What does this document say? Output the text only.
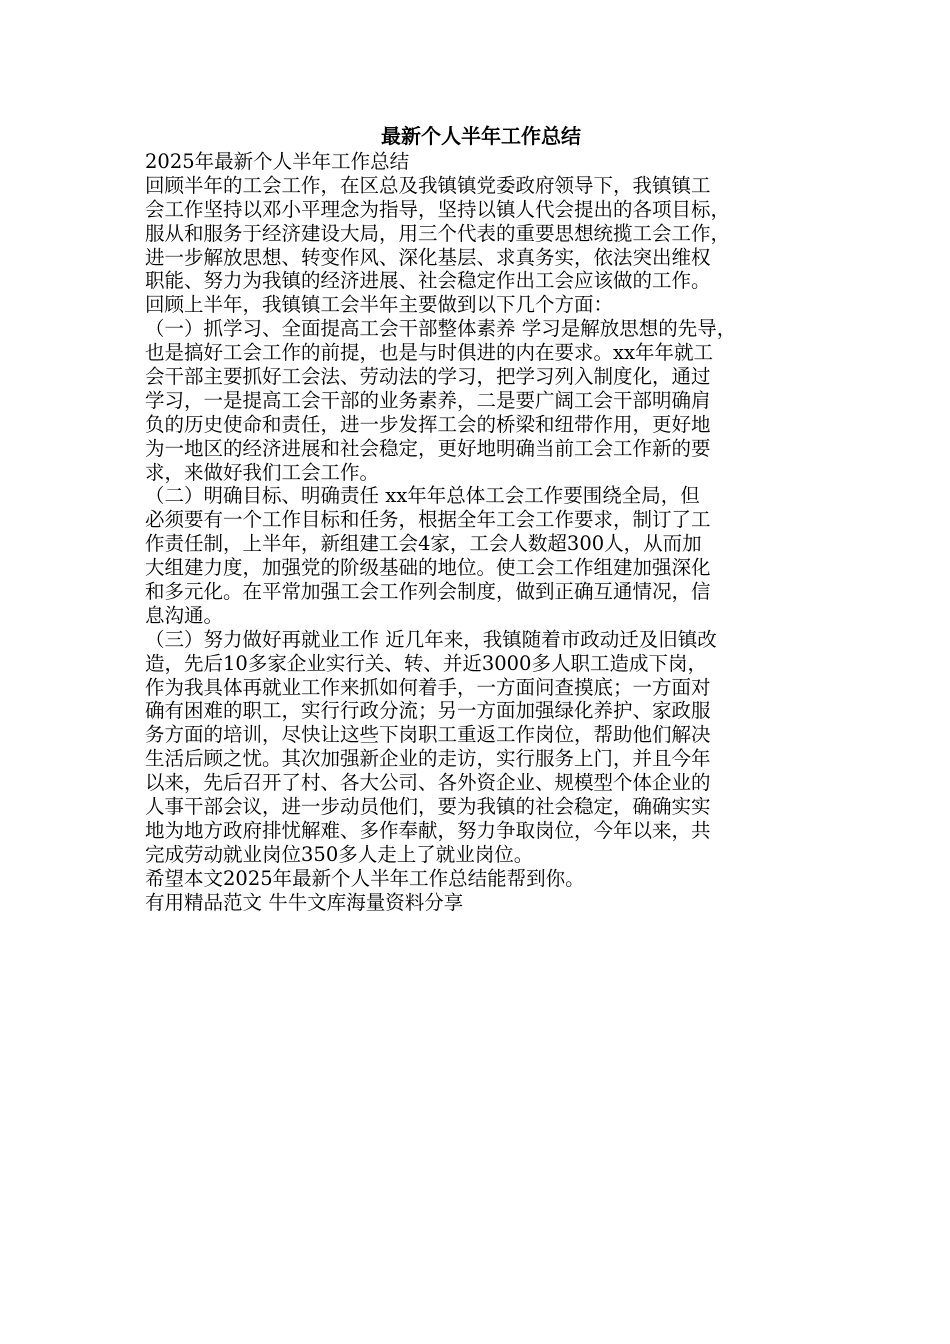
最新个人半年工作总结
2025年最新个人半年工作总结
回顾半年的工会工作，在区总及我镇镇党委政府领导下，我镇镇工
会工作坚持以邓小平理念为指导，坚持以镇人代会提出的各项目标，
服从和服务于经济建设大局，用三个代表的重要思想统揽工会工作，
进一步解放思想、转变作风、深化基层、求真务实，依法突出维权
职能、努力为我镇的经济进展、社会稳定作出工会应该做的工作。
回顾上半年，我镇镇工会半年主要做到以下几个方面：
（一）抓学习、全面提高工会干部整体素养 学习是解放思想的先导，
也是搞好工会工作的前提，也是与时俱进的内在要求。xx年年就工
会干部主要抓好工会法、劳动法的学习，把学习列入制度化，通过
学习，一是提高工会干部的业务素养，二是要广阔工会干部明确肩
负的历史使命和责任，进一步发挥工会的桥梁和纽带作用，更好地
为一地区的经济进展和社会稳定，更好地明确当前工会工作新的要
求，来做好我们工会工作。
（二）明确目标、明确责任 xx年年总体工会工作要围绕全局，但
必须要有一个工作目标和任务，根据全年工会工作要求，制订了工
作责任制，上半年，新组建工会4家，工会人数超300人，从而加
大组建力度，加强党的阶级基础的地位。使工会工作组建加强深化
和多元化。在平常加强工会工作列会制度，做到正确互通情况，信
息沟通。
（三）努力做好再就业工作 近几年来，我镇随着市政动迁及旧镇改
造，先后10多家企业实行关、转、并近3000多人职工造成下岗，
作为我具体再就业工作来抓如何着手，一方面问查摸底；一方面对
确有困难的职工，实行行政分流；另一方面加强绿化养护、家政服
务方面的培训，尽快让这些下岗职工重返工作岗位，帮助他们解决
生活后顾之忧。其次加强新企业的走访，实行服务上门，并且今年
以来，先后召开了村、各大公司、各外资企业、规模型个体企业的
人事干部会议，进一步动员他们，要为我镇的社会稳定，确确实实
地为地方政府排忧解难、多作奉献，努力争取岗位，今年以来，共
完成劳动就业岗位350多人走上了就业岗位。
希望本文2025年最新个人半年工作总结能帮到你。
有用精品范文 牛牛文库海量资料分享
